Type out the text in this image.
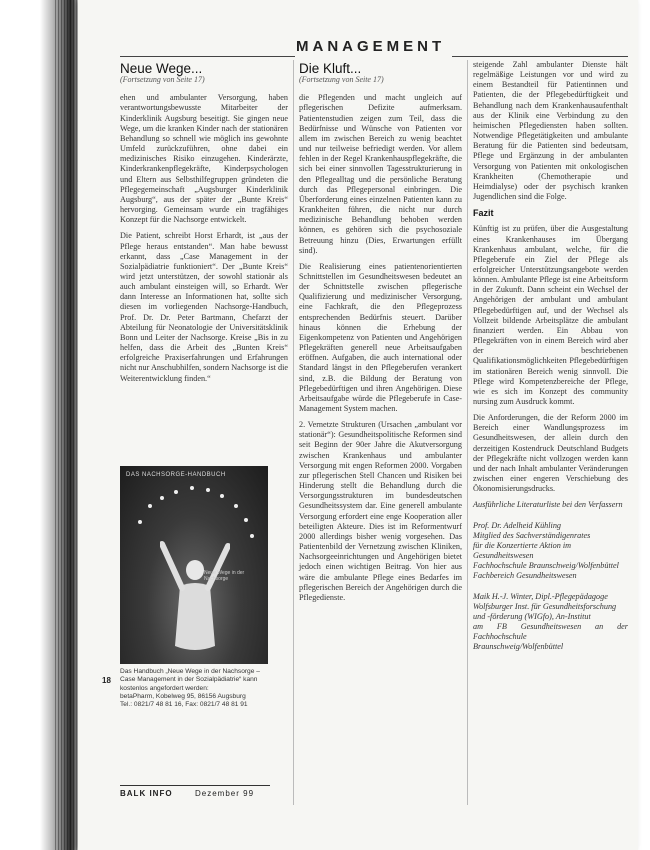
MANAGEMENT
Neue Wege...
(Fortsetzung von Seite 17)

ehen und ambulanter Versorgung, haben verantwortungsbewusste Mitarbeiter der Kinderklinik Augsburg beseitigt. Sie gingen neue Wege, um die kranken Kinder nach der stationären Behandlung so schnell wie möglich ins gewohnte Umfeld zurückzuführen, ohne dabei ein medizinisches Risiko einzugehen. Kinderärzte, Kinderkrankenpflegekräfte, Kinderpsychologen und Eltern aus Selbsthilfegruppen gründeten die Pflegegemeinschaft „Augsburger Kinderklinik Augsburg“, aus der später der „Bunte Kreis“ hervorging. Gemeinsam wurde ein tragfähiges Konzept für die Nachsorge entwickelt.

Die Patient, schreibt Horst Erhardt, ist „aus der Pflege heraus entstanden“. Man habe bewusst erkannt, dass „Case Management in der Sozialpädiatrie funktioniert“. Der „Bunte Kreis“ wird jetzt unterstützen, der sowohl stationär als auch ambulant einsteigen will, so Erhardt. Wer dann Interesse an Informationen hat, sollte sich diesen im vorliegenden Nachsorge-Handbuch, Prof. Dr. Dr. Peter Bartmann, Chefarzt der Abteilung für Neonatologie der Universitätsklinik Bonn und Leiter der Nachsorge. Kreise „Bis in zu helfen, dass die Arbeit des „Bunten Kreis“ erfolgreiche Praxiserfahrungen und Erfahrungen nicht nur Anschubhilfen, sondern Nachsorge ist die Weiterentwicklung finden.“

DAS NACHSORGE-HANDBUCH
Neue Wege in der Nachsorge
18
Das Handbuch „Neue Wege in der Nachsorge –
Case Management in der Sozialpädiatrie“ kann
kostenlos angefordert werden:
betaPharm, Kobelweg 95, 86156 Augsburg
Tel.: 0821/7 48 81 16, Fax: 0821/7 48 81 91
BALK INFO	Dezember 99
Die Kluft...
(Fortsetzung von Seite 17)

die Pflegenden und macht ungleich auf pflegerischen Defizite aufmerksam. Patientenstudien zeigen zum Teil, dass die Bedürfnisse und Wünsche von Patienten vor allem im zwischen Bereich zu wenig beachtet und nur teilweise befriedigt werden. Vor allem fehlen in der Regel Krankenhauspflegekräfte, die sich bei einer sinnvollen Tagesstrukturierung in den Pflegealltag und die persönliche Beratung durch das Pflegepersonal einbringen. Die Überforderung eines einzelnen Patienten kann zu Krankheiten führen, die nicht nur durch medizinische Behandlung behoben werden können, es gehören sich die psychosoziale Betreuung hinzu (Dies, Erwartungen erfüllt sind).

Die Realisierung eines patientenorientierten Schnittstellen im Gesundheitswesen bedeutet an der Schnittstelle zwischen pflegerische Qualifizierung und medizinischer Versorgung, eine Fachkraft, die den Pflegeprozess entsprechenden Bedürfnis steuert. Darüber hinaus können die Erhebung der Eigenkompetenz von Patienten und Angehörigen Pflegekräften generell neue Arbeitsaufgaben eröffnen. Aufgaben, die auch international oder Standard längst in den Pflegeberufen verankert sind, z.B. die Bildung der Beratung von Pflegebedürftigen und ihren Angehörigen. Diese Arbeitsaufgabe würde die Pflegeberufe in Case-Management System machen.

2. Vernetzte Strukturen (Ursachen „ambulant vor stationär“): Gesundheitspolitische Reformen sind seit Beginn der 90er Jahre die Akutversorgung zwischen Krankenhaus und ambulanter Versorgung mit engen Reformen 2000. Vorgaben zur pflegerischen Stell Chancen und Risiken bei Hinderung stellt die Behandlung durch die Versorgungsstrukturen im bundesdeutschen Gesundheitssystem dar. Eine generell ambulante Versorgung erfordert eine enge Kooperation aller beteiligten Akteure. Dies ist im Reformentwurf 2000 allerdings bisher wenig vorgesehen. Das Patientenbild der Vernetzung zwischen Kliniken, Nachsorgeeinrichtungen und Angehörigen bietet jedoch einen wichtigen Beitrag. Von hier aus wäre die ambulante Pflege eines Bedarfes im pflegerischen Bereich der Angehörigen durch die Pflegedienste.

steigende Zahl ambulanter Dienste hält regelmäßige Leistungen vor und wird zu einem Bestandteil für Patientinnen und Patienten, die der Pflegebedürftigkeit und Behandlung nach dem Krankenhausaufenthalt aus der Klinik eine Verbindung zu den heimischen Pflegediensten haben sollten. Notwendige Pflegetätigkeiten und ambulante Beratung für die Patienten sind bedeutsam, Pflege und Ergänzung in der ambulanten Versorgung von Patienten mit onkologischen Krankheiten (Chemotherapie und Heimdialyse) oder der psychisch kranken Jugendlichen sind die Folge.

Fazit

Künftig ist zu prüfen, über die Ausgestaltung eines Krankenhauses im Übergang Krankenhaus ambulant, welche, für die Pflegeberufe ein Ziel der Pflege als erfolgreicher Unterstützungsangebote werden können. Ambulante Pflege ist eine Arbeitsform in der Zukunft. Dann scheint ein Wechsel der Angehörigen der ambulant und ambulant Pflegebedürftigen auf, und der Wechsel als Vollzeit bildende Arbeitsplätze die ambulant finanziert werden. Ein Abbau von Pflegekräften von in einem Bereich wird aber der beschriebenen Qualifikationsmöglichkeiten Pflegebedürftigen im stationären Bereich wenig sinnvoll. Die Pflege wird Kompetenzbereiche der Pflege, wie es sich im Konzept des community nursing zum Ausdruck kommt.

Die Anforderungen, die der Reform 2000 im Bereich einer Wandlungsprozess im Gesundheitswesen, der allein durch den derzeitigen Kostendruck Deutschland Budgets der Pflegekräfte nicht vollzogen werden kann und der nach Inhalt ambulanter Veränderungen zwischen einer engeren Verschiebung des Ökonomisierungsdrucks.

Ausführliche Literaturliste bei den Verfassern

Prof. Dr. Adelheid Kühling
Mitglied des Sachverständigenrates
für die Konzertierte Aktion im
Gesundheitswesen
Fachhochschule Braunschweig/Wolfenbüttel
Fachbereich Gesundheitswesen
Maik H.-J. Winter, Dipl.-Pflegepädagoge
Wolfsburger Inst. für Gesundheitsforschung
und -förderung (WIGfo), An-Institut
am FB Gesundheitswesen an der Fachhochschule
Braunschweig/Wolfenbüttel
